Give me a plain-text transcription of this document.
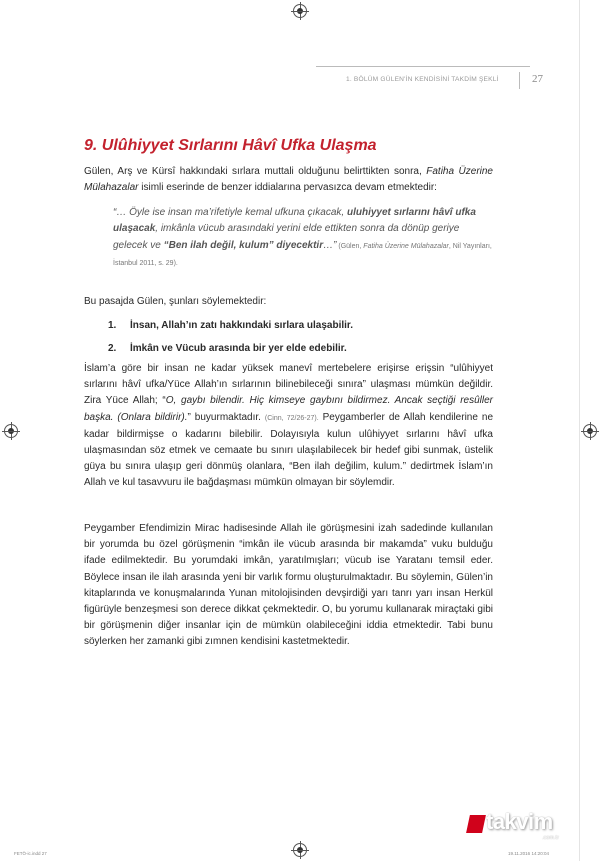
1. BÖLÜM GÜLEN'İN KENDİSİNİ TAKDİM ŞEKLİ	27
9. Ulûhiyyet Sırlarını Hâvî Ufka Ulaşma

Gülen, Arş ve Kürsî hakkındaki sırlara muttali olduğunu belirttikten sonra, Fatiha Üzerine Mülahazalar isimli eserinde de benzer iddialarına pervasızca devam etmektedir:

“… Öyle ise insan ma’rifetiyle kemal ufkuna çıkacak, uluhiyyet sırlarını hâvî ufka ulaşacak, imkânla vücub arasındaki yerini elde ettikten sonra da dönüp geriye gelecek ve “Ben ilah değil, kulum” diyecektir…” (Gülen, Fatiha Üzerine Mülahazalar, Nil Yayınları, İstanbul 2011, s. 29).

Bu pasajda Gülen, şunları söylemektedir:

1. İnsan, Allah’ın zatı hakkındaki sırlara ulaşabilir.
2. İmkân ve Vücub arasında bir yer elde edebilir.

İslam’a göre bir insan ne kadar yüksek manevî mertebelere erişirse erişsin “ulûhiyyet sırlarını hâvî ufka/Yüce Allah’ın sırlarının bilinebileceği sınıra” ulaşması mümkün değildir. Zira Yüce Allah; “O, gaybı bilendir. Hiç kimseye gaybını bildirmez. Ancak seçtiği resûller başka. (Onlara bildirir).” buyurmaktadır. (Cinn, 72/26-27). Peygamberler de Allah kendilerine ne kadar bildirmişse o kadarını bilebilir. Dolayısıyla kulun ulûhiyyet sırlarını hâvî ufka ulaşmasından söz etmek ve cemaate bu sınırı ulaşılabilecek bir hedef gibi sunmak, üstelik güya bu sınıra ulaşıp geri dönmüş olanlara, “Ben ilah değilim, kulum.” dedirtmek İslam’ın Allah ve kul tasavvuru ile bağdaşması mümkün olmayan bir söylemdir.

Peygamber Efendimizin Mirac hadisesinde Allah ile görüşmesini izah sadedinde kullanılan bir yorumda bu özel görüşmenin “imkân ile vücub arasında bir makamda” vuku bulduğu ifade edilmektedir. Bu yorumdaki imkân, yaratılmışları; vücub ise Yaratanı temsil eder. Böylece insan ile ilah arasında yeni bir varlık formu oluşturulmaktadır. Bu söylemin, Gülen’in kitaplarında ve konuşmalarında Yunan mitolojisinden devşirdiği yarı tanrı yarı insan Herkül figürüyle benzeşmesi son derece dikkat çekmektedir. O, bu yorumu kullanarak miraçtaki gibi bir görüşmenin diğer insanlar için de mümkün olabileceğini iddia etmektedir. Tabi bunu söylerken her zamanki gibi zımnen kendisini kastetmektedir.

FETÖ-ic.indd 27	19.11.2016 14:20:04
takvim
.com.tr
